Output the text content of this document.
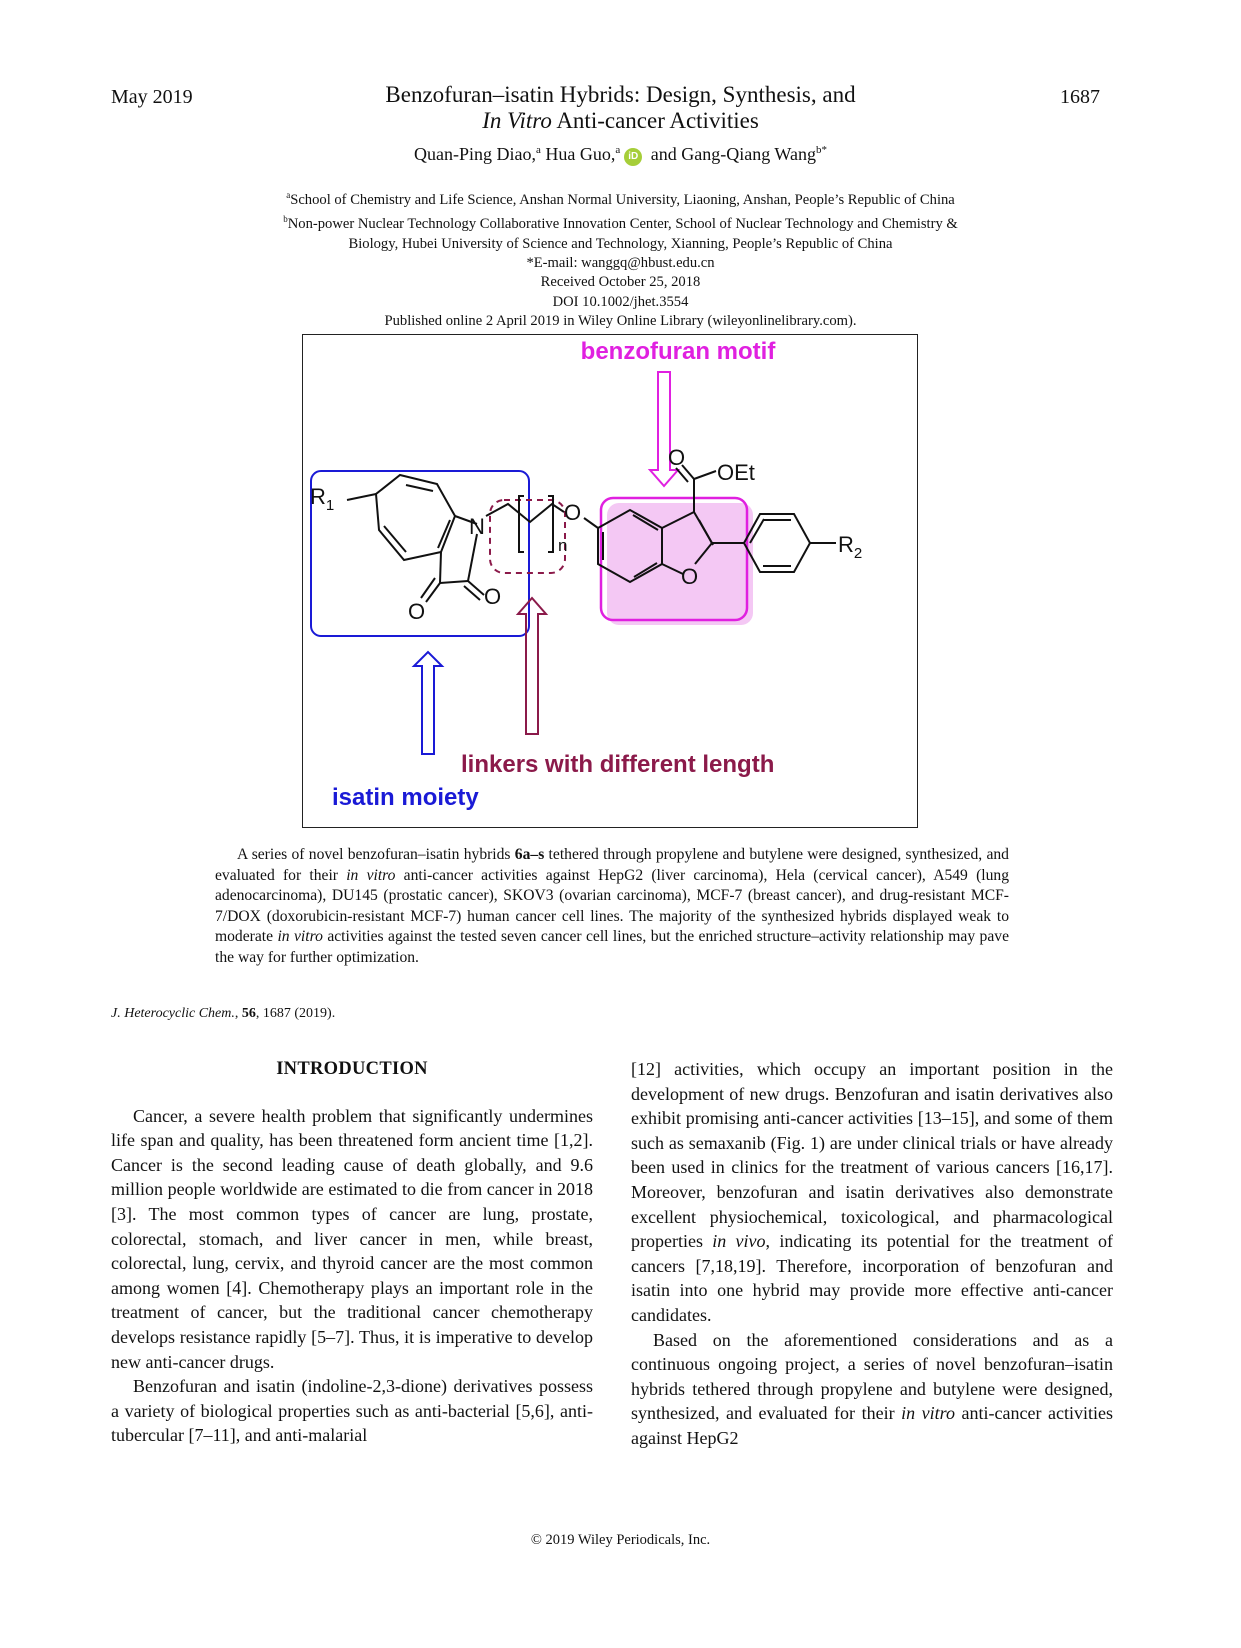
May 2019	1687
Benzofuran–isatin Hybrids: Design, Synthesis, and
In Vitro Anti-cancer Activities
Quan-Ping Diao,$^a$ Hua Guo,$^a$iD and Gang-Qiang Wang$^{b*}$
$^a$School of Chemistry and Life Science, Anshan Normal University, Liaoning, Anshan, People’s Republic of China
$^b$Non-power Nuclear Technology Collaborative Innovation Center, School of Nuclear Technology and Chemistry &
Biology, Hubei University of Science and Technology, Xianning, People’s Republic of China
*E-mail: wanggq@hbust.edu.cn
Received October 25, 2018
DOI 10.1002/jhet.3554
Published online 2 April 2019 in Wiley Online Library (wileyonlinelibrary.com).
benzofuran motif
linkers with different length
isatin moiety
$R_1$
N
O
O
n
O
O
O
OEt
$R_2$
A series of novel benzofuran–isatin hybrids 6a–s tethered through propylene and butylene were designed, synthesized, and evaluated for their in vitro anti-cancer activities against HepG2 (liver carcinoma), Hela (cervical cancer), A549 (lung adenocarcinoma), DU145 (prostatic cancer), SKOV3 (ovarian carcinoma), MCF-7 (breast cancer), and drug-resistant MCF-7/DOX (doxorubicin-resistant MCF-7) human cancer cell lines. The majority of the synthesized hybrids displayed weak to moderate in vitro activities against the tested seven cancer cell lines, but the enriched structure–activity relationship may pave the way for further optimization.
J. Heterocyclic Chem., 56, 1687 (2019).
INTRODUCTION

Cancer, a severe health problem that significantly undermines life span and quality, has been threatened form ancient time [1,2]. Cancer is the second leading cause of death globally, and 9.6 million people worldwide are estimated to die from cancer in 2018 [3]. The most common types of cancer are lung, prostate, colorectal, stomach, and liver cancer in men, while breast, colorectal, lung, cervix, and thyroid cancer are the most common among women [4]. Chemotherapy plays an important role in the treatment of cancer, but the traditional cancer chemotherapy develops resistance rapidly [5–7]. Thus, it is imperative to develop new anti-cancer drugs.

Benzofuran and isatin (indoline-2,3-dione) derivatives possess a variety of biological properties such as anti-bacterial [5,6], anti-tubercular [7–11], and anti-malarial

[12] activities, which occupy an important position in the development of new drugs. Benzofuran and isatin derivatives also exhibit promising anti-cancer activities [13–15], and some of them such as semaxanib (Fig. 1) are under clinical trials or have already been used in clinics for the treatment of various cancers [16,17]. Moreover, benzofuran and isatin derivatives also demonstrate excellent physiochemical, toxicological, and pharmacological properties in vivo, indicating its potential for the treatment of cancers [7,18,19]. Therefore, incorporation of benzofuran and isatin into one hybrid may provide more effective anti-cancer candidates.

Based on the aforementioned considerations and as a continuous ongoing project, a series of novel benzofuran–isatin hybrids tethered through propylene and butylene were designed, synthesized, and evaluated for their in vitro anti-cancer activities against HepG2

© 2019 Wiley Periodicals, Inc.
